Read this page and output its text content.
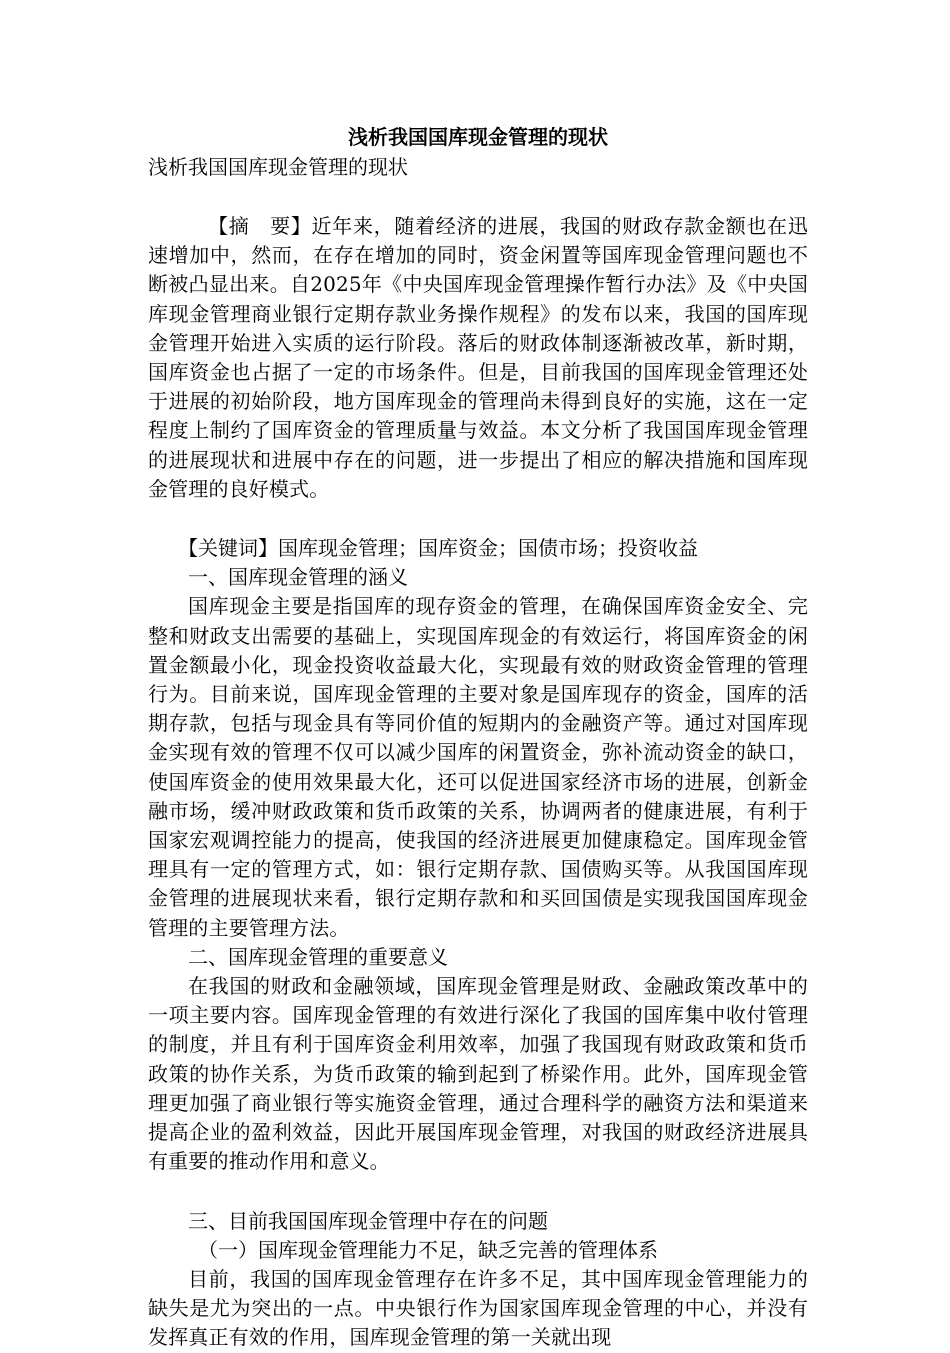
浅析我国国库现金管理的现状
浅析我国国库现金管理的现状

【摘　要】近年来，随着经济的进展，我国的财政存款金额也在迅速增加中，然而，在存在增加的同时，资金闲置等国库现金管理问题也不断被凸显出来。自2025年《中央国库现金管理操作暂行办法》及《中央国库现金管理商业银行定期存款业务操作规程》的发布以来，我国的国库现金管理开始进入实质的运行阶段。落后的财政体制逐渐被改革，新时期，国库资金也占据了一定的市场条件。但是，目前我国的国库现金管理还处于进展的初始阶段，地方国库现金的管理尚未得到良好的实施，这在一定程度上制约了国库资金的管理质量与效益。本文分析了我国国库现金管理的进展现状和进展中存在的问题，进一步提出了相应的解决措施和国库现金管理的良好模式。

【关键词】国库现金管理；国库资金；国债市场；投资收益

一、国库现金管理的涵义

国库现金主要是指国库的现存资金的管理，在确保国库资金安全、完整和财政支出需要的基础上，实现国库现金的有效运行，将国库资金的闲置金额最小化，现金投资收益最大化，实现最有效的财政资金管理的管理行为。目前来说，国库现金管理的主要对象是国库现存的资金，国库的活期存款，包括与现金具有等同价值的短期内的金融资产等。通过对国库现金实现有效的管理不仅可以减少国库的闲置资金，弥补流动资金的缺口，使国库资金的使用效果最大化，还可以促进国家经济市场的进展，创新金融市场，缓冲财政政策和货币政策的关系，协调两者的健康进展，有利于国家宏观调控能力的提高，使我国的经济进展更加健康稳定。国库现金管理具有一定的管理方式，如：银行定期存款、国债购买等。从我国国库现金管理的进展现状来看，银行定期存款和和买回国债是实现我国国库现金管理的主要管理方法。

二、国库现金管理的重要意义

在我国的财政和金融领域，国库现金管理是财政、金融政策改革中的一项主要内容。国库现金管理的有效进行深化了我国的国库集中收付管理的制度，并且有利于国库资金利用效率，加强了我国现有财政政策和货币政策的协作关系，为货币政策的输到起到了桥梁作用。此外，国库现金管理更加强了商业银行等实施资金管理，通过合理科学的融资方法和渠道来提高企业的盈利效益，因此开展国库现金管理，对我国的财政经济进展具有重要的推动作用和意义。

三、目前我国国库现金管理中存在的问题

（一）国库现金管理能力不足，缺乏完善的管理体系

目前，我国的国库现金管理存在许多不足，其中国库现金管理能力的缺失是尤为突出的一点。中央银行作为国家国库现金管理的中心，并没有发挥真正有效的作用，国库现金管理的第一关就出现
